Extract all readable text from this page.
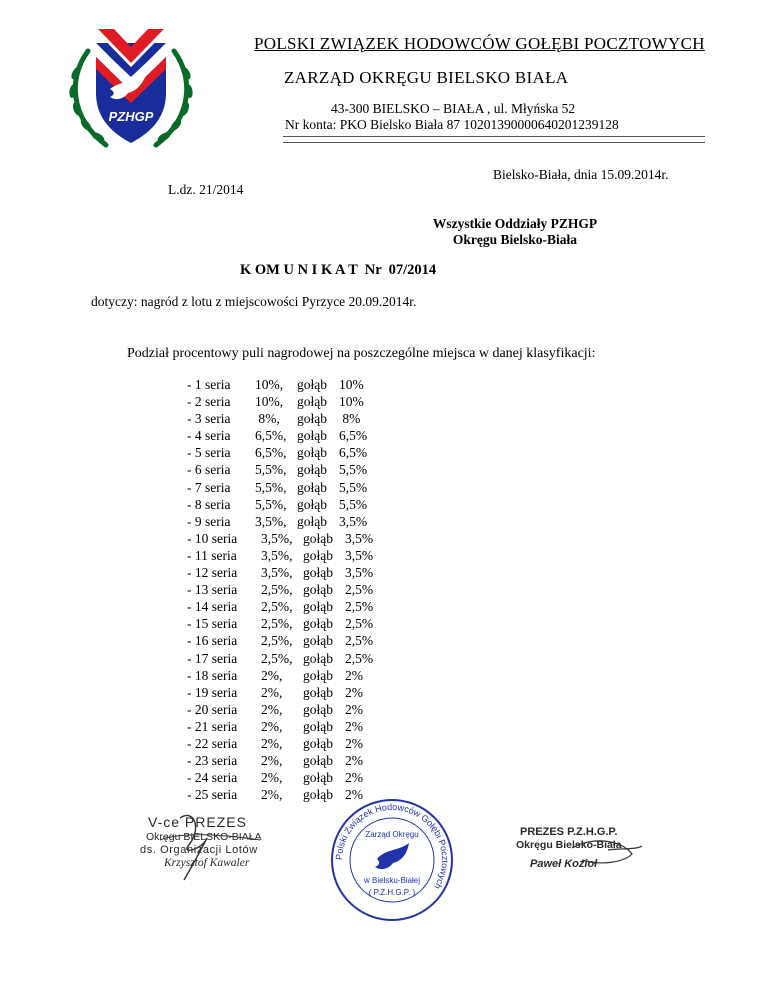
PZHGP
POLSKI ZWIĄZEK HODOWCÓW GOŁĘBI POCZTOWYCH
ZARZĄD OKRĘGU BIELSKO BIAŁA
43-300 BIELSKO – BIAŁA , ul. Młyńska 52
Nr konta: PKO Bielsko Biała 87 10201390000640201239128
Bielsko-Biała, dnia 15.09.2014r.
L.dz. 21/2014
Wszystkie Oddziały PZHGP
Okręgu Bielsko-Biała
K OM U N I K A T  Nr  07/2014
dotyczy: nagród z lotu z miejscowości Pyrzyce 20.09.2014r.
Podział procentowy puli nagrodowej na poszczególne miejsca w danej klasyfikacji:
- 1 seria	10%,	gołąb 10%
- 2 seria	10%,	gołąb 10%
- 3 seria	8%,	gołąb 8%
- 4 seria	6,5%, gołąb 6,5%
- 5 seria	6,5%, gołąb 6,5%
- 6 seria	5,5%, gołąb 5,5%
- 7 seria	5,5%, gołąb 5,5%
- 8 seria	5,5%, gołąb 5,5%
- 9 seria	3,5%, gołąb 3,5%
- 10 seria 3,5%, gołąb 3,5%
- 11 seria 3,5%, gołąb 3,5%
- 12 seria 3,5%, gołąb 3,5%
- 13 seria 2,5%, gołąb 2,5%
- 14 seria 2,5%, gołąb 2,5%
- 15 seria 2,5%, gołąb 2,5%
- 16 seria 2,5%, gołąb 2,5%
- 17 seria 2,5%, gołąb 2,5%
- 18 seria 2%,	gołąb 2%
- 19 seria 2%,	gołąb 2%
- 20 seria 2%,	gołąb 2%
- 21 seria 2%,	gołąb 2%
- 22 seria 2%,	gołąb 2%
- 23 seria 2%,	gołąb 2%
- 24 seria 2%,	gołąb 2%
- 25 seria 2%,	gołąb 2%
V-ce PREZES
Okręgu BIELSKO-BIAŁA
ds. Organizacji Lotów
Krzysztof Kawaler
Polski Związek Hodowców Gołębi Pocztowych
Zarząd Okręgu
w Bielsku-Białej
( P.Z.H.G.P. )
PREZES P.Z.H.G.P.
Okręgu Bielsko-Biała
Paweł Kozioł
